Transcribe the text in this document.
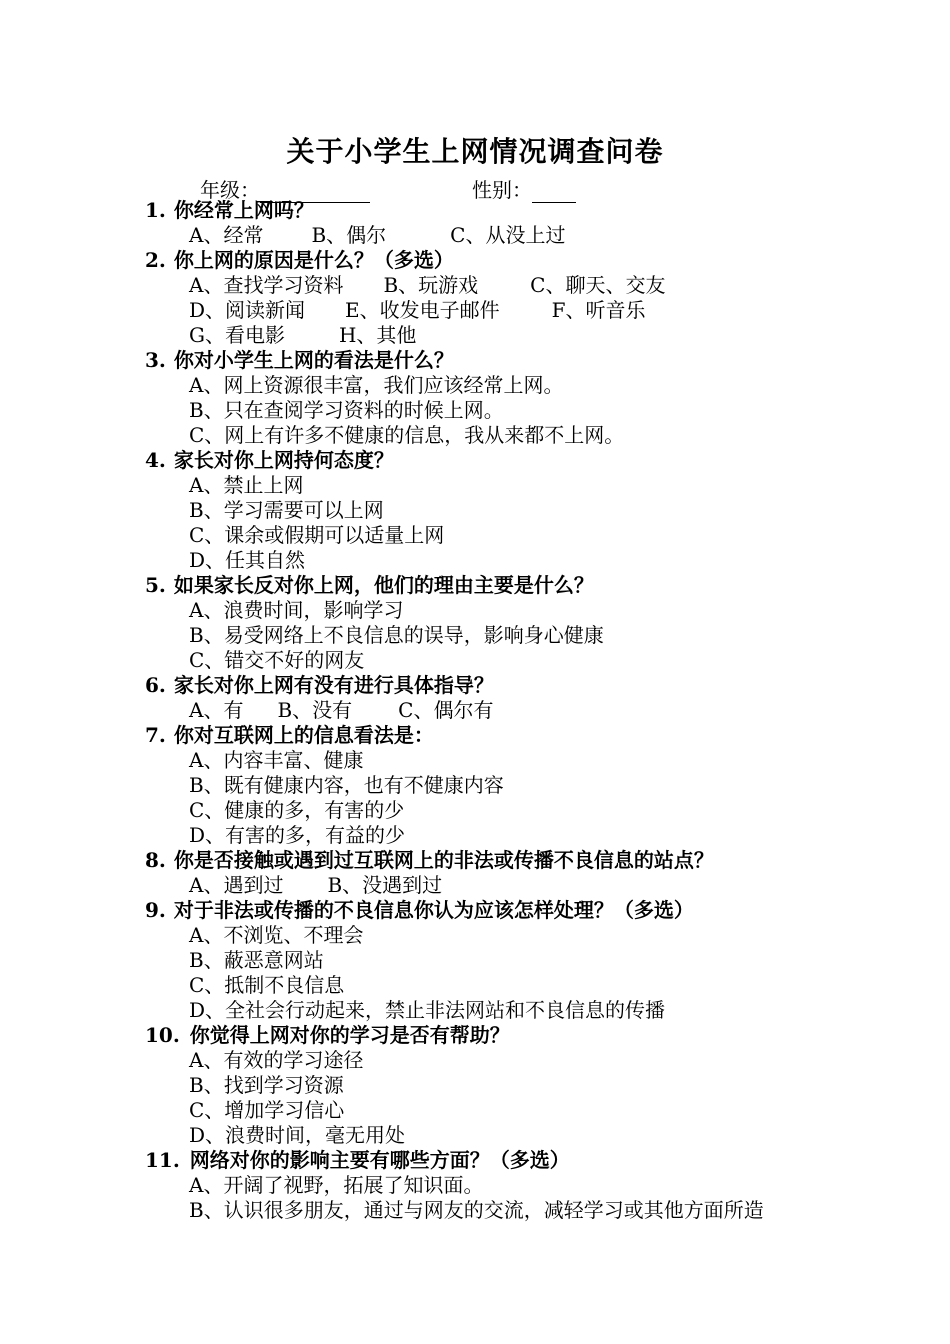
关于小学生上网情况调查问卷
年级：	性别：
1. 你经常上网吗？
A、经常 B、偶尔	C、从没上过
2. 你上网的原因是什么？（多选）
A、查找学习资料 B、玩游戏	C、聊天、交友
D、阅读新闻 E、收发电子邮件	F、听音乐
G、看电影	H、其他
3. 你对小学生上网的看法是什么？
A、网上资源很丰富，我们应该经常上网。
B、只在查阅学习资料的时候上网。
C、网上有许多不健康的信息，我从来都不上网。
4. 家长对你上网持何态度？
A、禁止上网
B、学习需要可以上网
C、课余或假期可以适量上网
D、任其自然
5. 如果家长反对你上网，他们的理由主要是什么？
A、浪费时间，影响学习
B、易受网络上不良信息的误导，影响身心健康
C、错交不好的网友
6. 家长对你上网有没有进行具体指导？
A、有 B、没有 C、偶尔有
7. 你对互联网上的信息看法是：
A、内容丰富、健康
B、既有健康内容，也有不健康内容
C、健康的多，有害的少
D、有害的多，有益的少
8. 你是否接触或遇到过互联网上的非法或传播不良信息的站点？
A、遇到过 B、没遇到过
9. 对于非法或传播的不良信息你认为应该怎样处理？（多选）
A、不浏览、不理会
B、蔽恶意网站
C、抵制不良信息
D、全社会行动起来，禁止非法网站和不良信息的传播
10. 你觉得上网对你的学习是否有帮助？
A、有效的学习途径
B、找到学习资源
C、增加学习信心
D、浪费时间，毫无用处
11. 网络对你的影响主要有哪些方面？（多选）
A、开阔了视野，拓展了知识面。
B、认识很多朋友，通过与网友的交流，减轻学习或其他方面所造
